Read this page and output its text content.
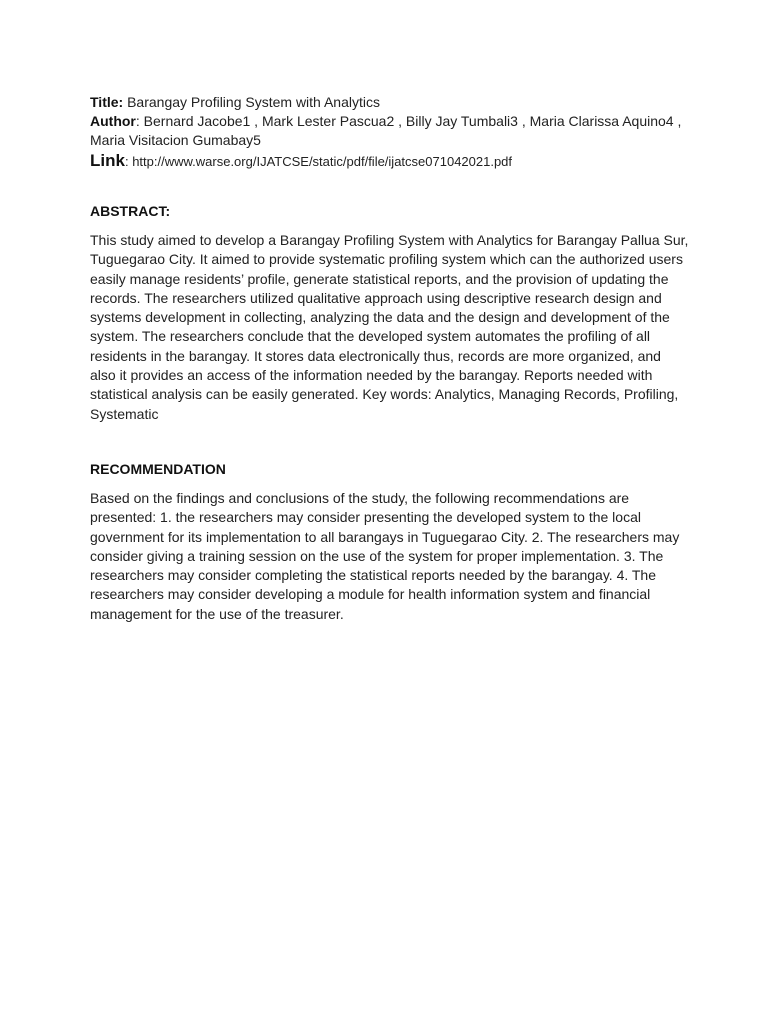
Title: Barangay Profiling System with Analytics

Author: Bernard Jacobe1 , Mark Lester Pascua2 , Billy Jay Tumbali3 , Maria Clarissa Aquino4 , Maria Visitacion Gumabay5

Link: http://www.warse.org/IJATCSE/static/pdf/file/ijatcse071042021.pdf

ABSTRACT:

This study aimed to develop a Barangay Profiling System with Analytics for Barangay Pallua Sur, Tuguegarao City. It aimed to provide systematic profiling system which can the authorized users easily manage residents’ profile, generate statistical reports, and the provision of updating the records. The researchers utilized qualitative approach using descriptive research design and systems development in collecting, analyzing the data and the design and development of the system. The researchers conclude that the developed system automates the profiling of all residents in the barangay. It stores data electronically thus, records are more organized, and also it provides an access of the information needed by the barangay. Reports needed with statistical analysis can be easily generated. Key words: Analytics, Managing Records, Profiling, Systematic

RECOMMENDATION

Based on the findings and conclusions of the study, the following recommendations are presented: 1. the researchers may consider presenting the developed system to the local government for its implementation to all barangays in Tuguegarao City. 2. The researchers may consider giving a training session on the use of the system for proper implementation. 3. The researchers may consider completing the statistical reports needed by the barangay. 4. The researchers may consider developing a module for health information system and financial management for the use of the treasurer.
